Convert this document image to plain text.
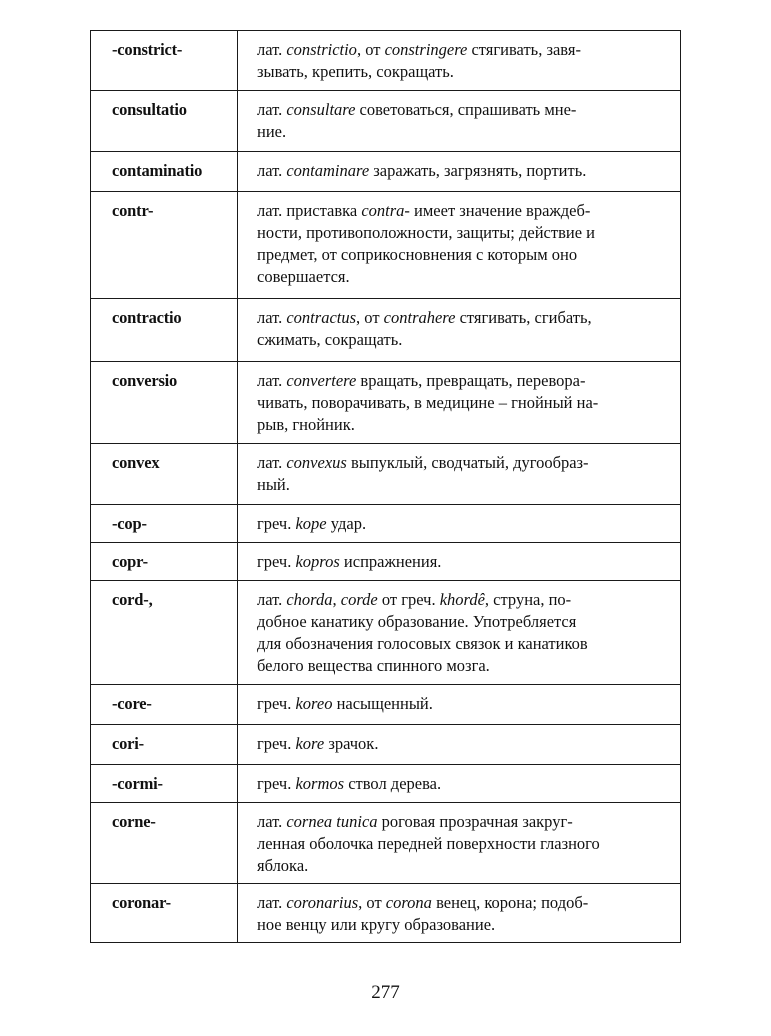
-constrict-	лат. constrictio, от constringere стягивать, завя-
зывать, крепить, сокращать.

consultatio	лат. consultare советоваться, спрашивать мне-
ние.

contaminatio	лат. contaminare заражать, загрязнять, портить.

contr-	лат. приставка contra- имеет значение враждеб-
ности, противоположности, защиты; действие и
предмет, от соприкосновнения с которым оно
совершается.

contractio	лат. contractus, от contrahere стягивать, сгибать,
сжимать, сокращать.

conversio	лат. convertere вращать, превращать, перевора-
чивать, поворачивать, в медицине – гнойный на-
рыв, гнойник.

convex	лат. convexus выпуклый, сводчатый, дугообраз-
ный.

-cop-	греч. kope удар.

copr-	греч. kopros испражнения.

cord-,	лат. chorda, corde от греч. khordê, струна, по-
добное канатику образование. Употребляется
для обозначения голосовых связок и канатиков
белого вещества спинного мозга.

-core-	греч. koreo насыщенный.

cori-	греч. kore зрачок.

-cormi-	греч. kormos ствол дерева.

corne-	лат. cornea tunica роговая прозрачная закруг-
ленная оболочка передней поверхности глазного
яблока.

coronar-	лат. coronarius, от corona венец, корона; подоб-
ное венцу или кругу образование.
277
